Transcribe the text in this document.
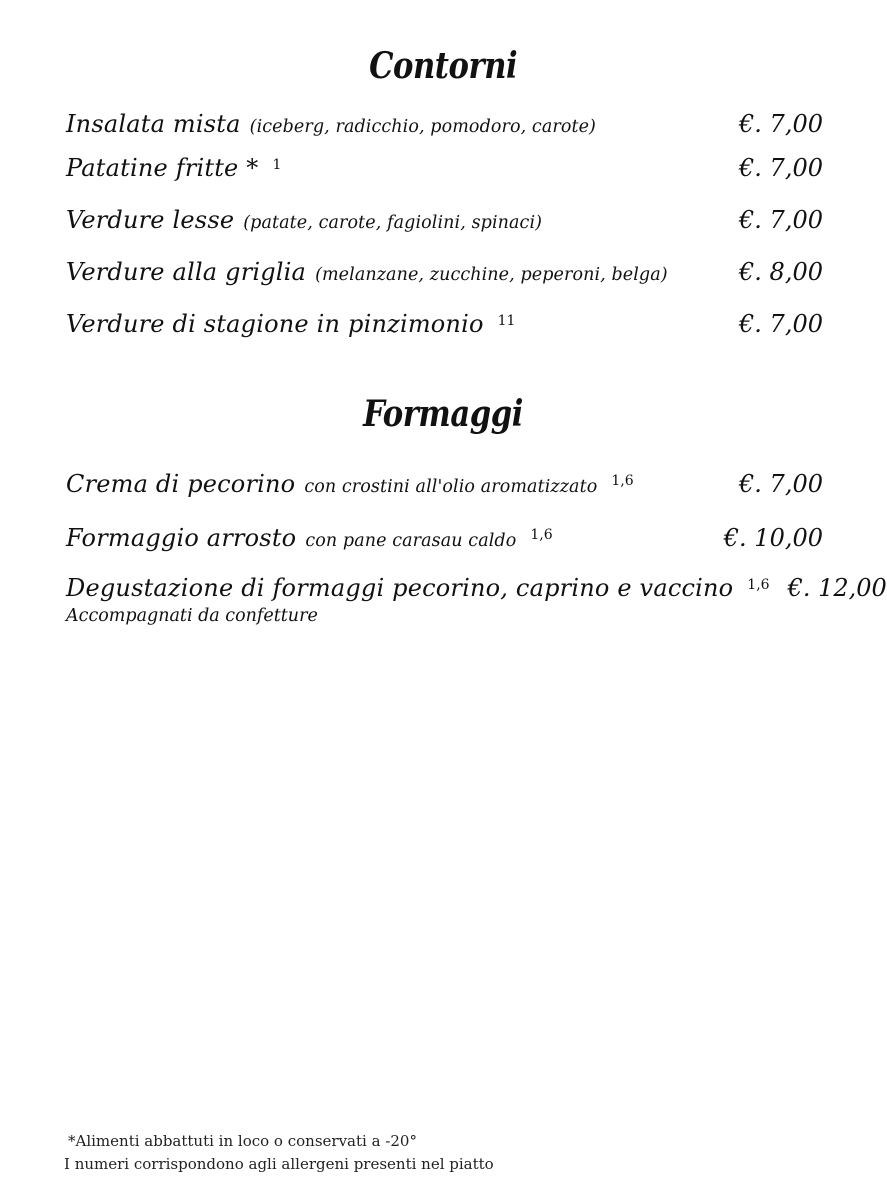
Contorni
Insalata mista (iceberg, radicchio, pomodoro, carote)	€. 7,00
Patatine fritte * 1	€. 7,00
Verdure lesse (patate, carote, fagiolini, spinaci)	€. 7,00
Verdure alla griglia (melanzane, zucchine, peperoni, belga)	€. 8,00
Verdure di stagione in pinzimonio 11	€. 7,00
Formaggi
Crema di pecorino con crostini all'olio aromatizzato 1,6	€. 7,00
Formaggio arrosto con pane carasau caldo 1,6	€. 10,00
Degustazione di formaggi pecorino, caprino e vaccino 1,6 €. 12,00
Accompagnati da confetture
*Alimenti abbattuti in loco o conservati a -20°
I numeri corrispondono agli allergeni presenti nel piatto
